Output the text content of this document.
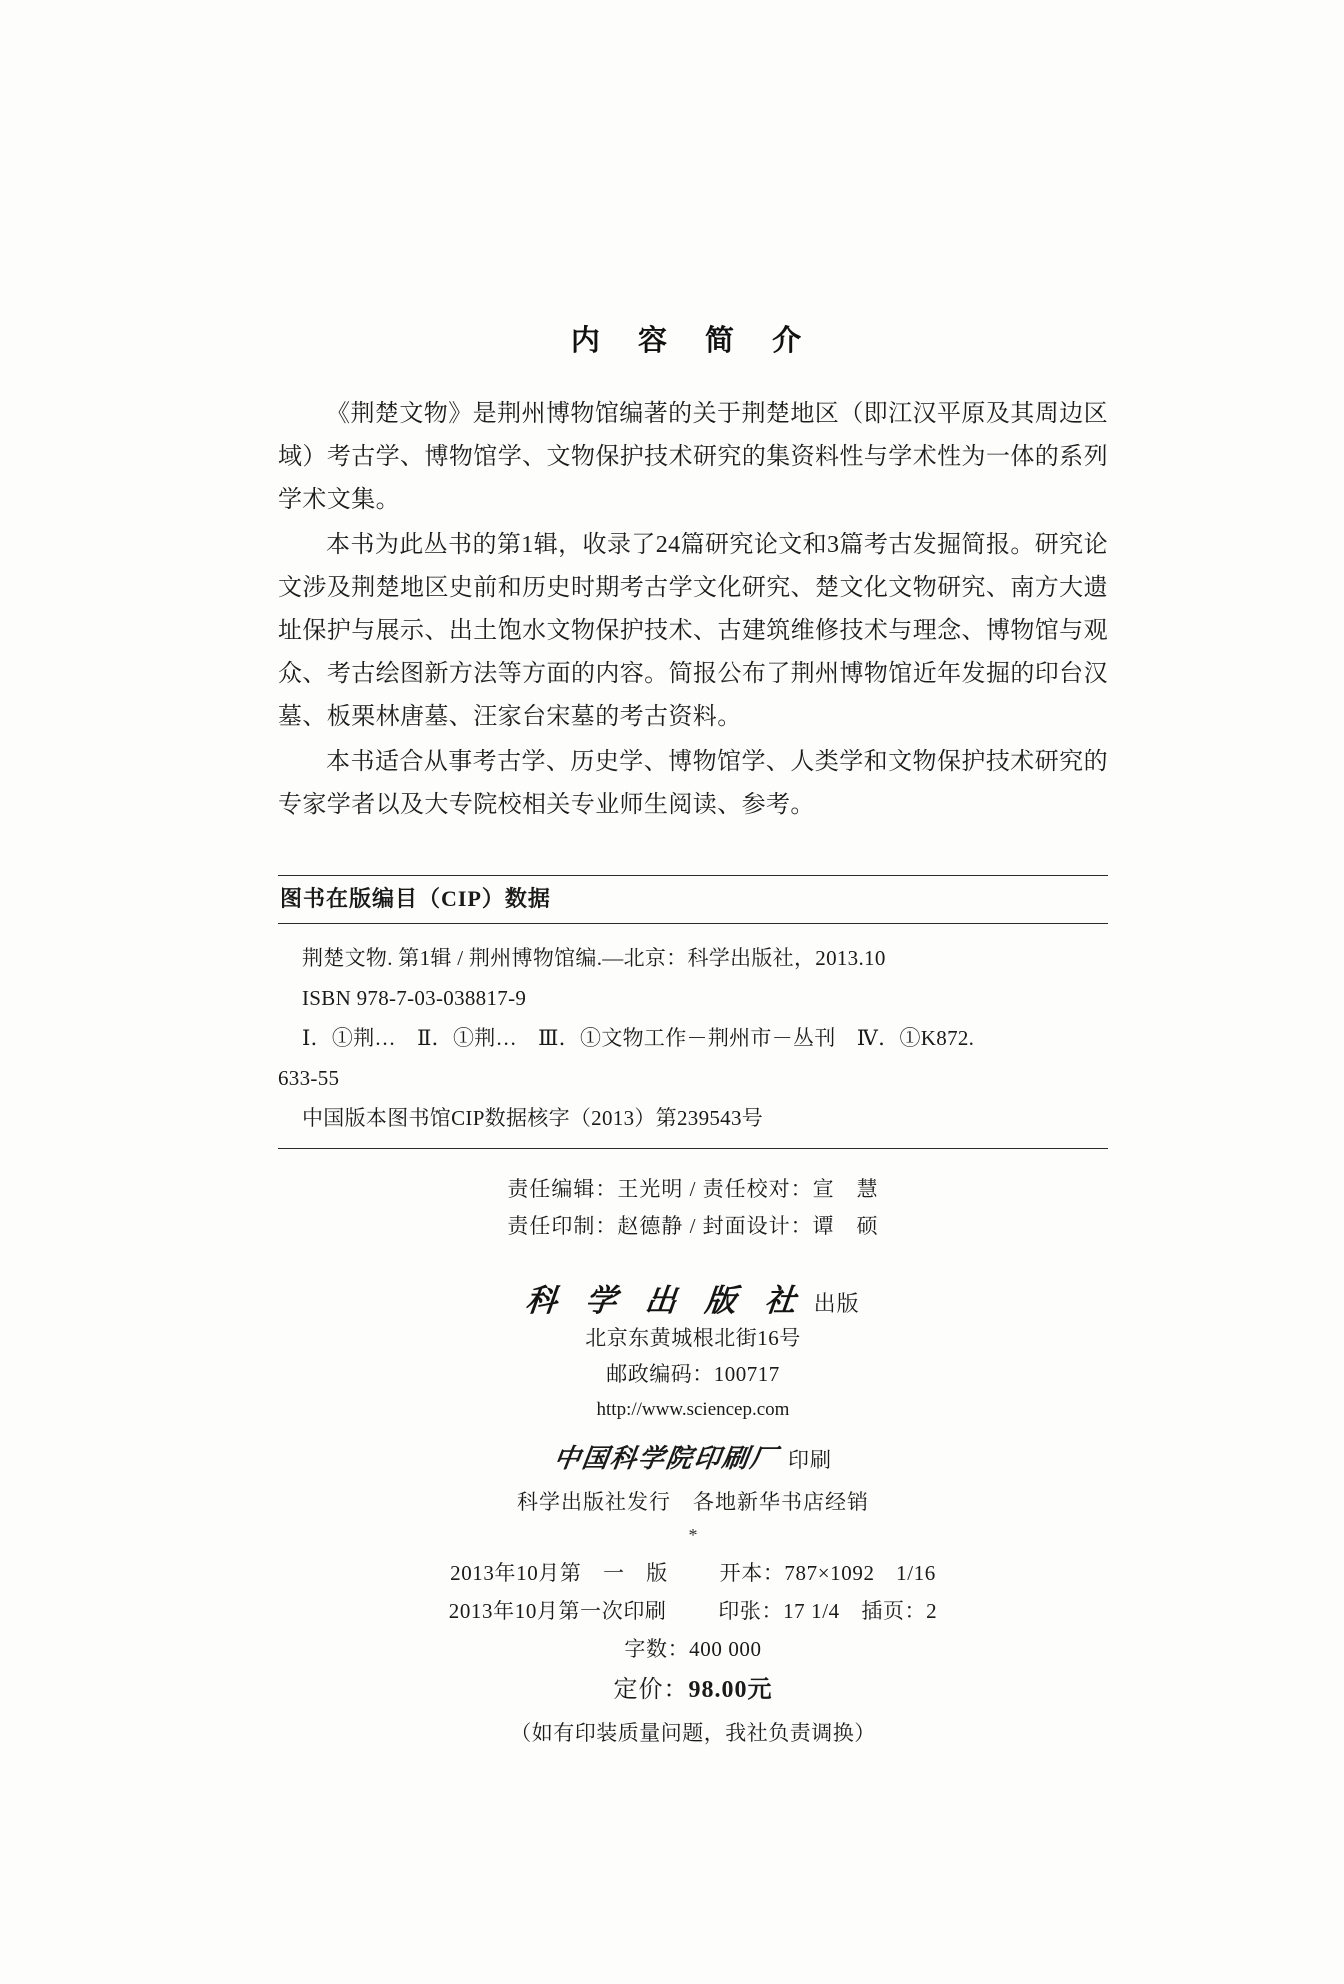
内 容 简 介

《荆楚文物》是荆州博物馆编著的关于荆楚地区（即江汉平原及其周边区域）考古学、博物馆学、文物保护技术研究的集资料性与学术性为一体的系列学术文集。

本书为此丛书的第1辑，收录了24篇研究论文和3篇考古发掘简报。研究论文涉及荆楚地区史前和历史时期考古学文化研究、楚文化文物研究、南方大遗址保护与展示、出土饱水文物保护技术、古建筑维修技术与理念、博物馆与观众、考古绘图新方法等方面的内容。简报公布了荆州博物馆近年发掘的印台汉墓、板栗林唐墓、汪家台宋墓的考古资料。

本书适合从事考古学、历史学、博物馆学、人类学和文物保护技术研究的专家学者以及大专院校相关专业师生阅读、参考。

图书在版编目（CIP）数据
荆楚文物. 第1辑 / 荆州博物馆编.—北京：科学出版社，2013.10
ISBN 978-7-03-038817-9
Ⅰ．①荆…　Ⅱ．①荆…　Ⅲ．①文物工作－荆州市－丛刊　Ⅳ．①K872.
633-55
中国版本图书馆CIP数据核字（2013）第239543号
责任编辑：王光明 / 责任校对：宣　慧
责任印制：赵德静 / 封面设计：谭　硕
科 学 出 版 社 出版
北京东黄城根北街16号
邮政编码：100717
http://www.sciencep.com
中国科学院印刷厂 印刷
科学出版社发行　各地新华书店经销
*
2013年10月第　一　版 开本：787×1092　1/16
2013年10月第一次印刷 印张：17 1/4　插页：2
字数：400 000
定价：98.00元
（如有印装质量问题，我社负责调换）
